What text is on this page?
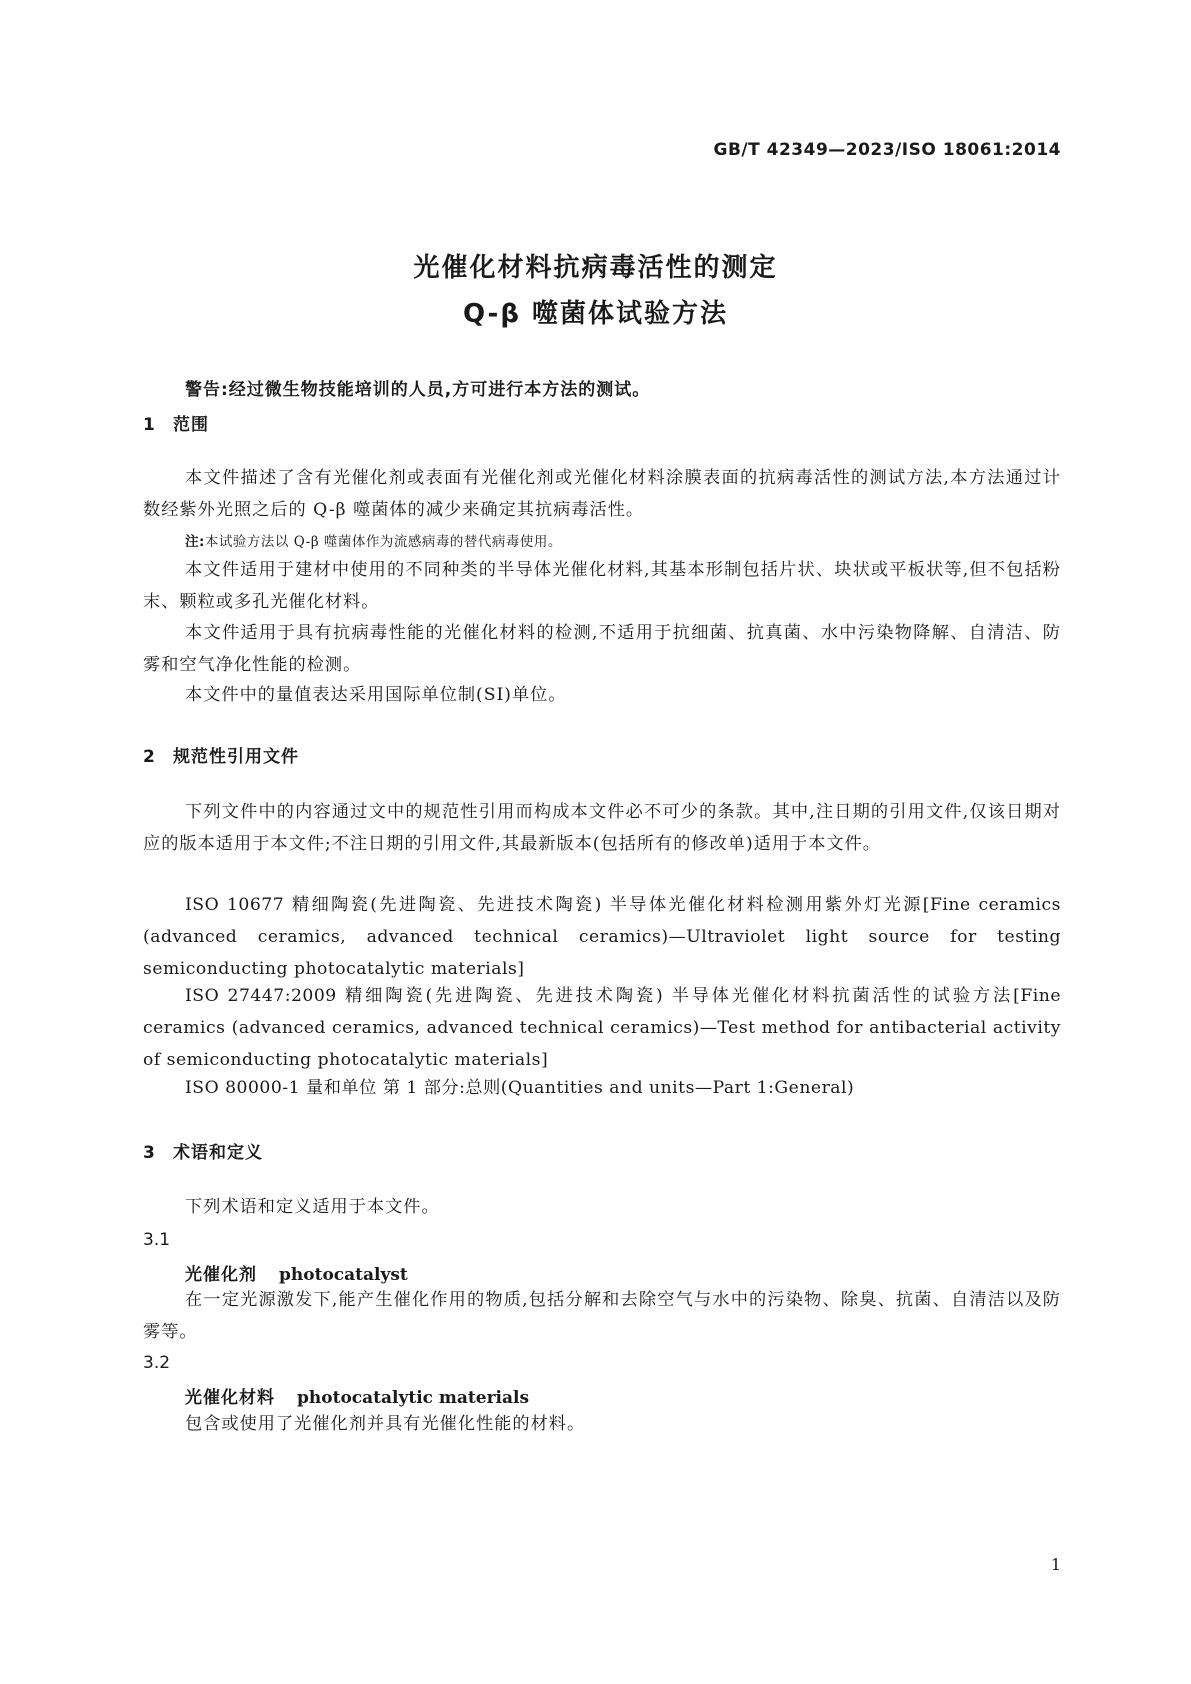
GB/T 42349—2023/ISO 18061:2014
光催化材料抗病毒活性的测定
Q-β 噬菌体试验方法
警告:经过微生物技能培训的人员,方可进行本方法的测试。
1 范围
本文件描述了含有光催化剂或表面有光催化剂或光催化材料涂膜表面的抗病毒活性的测试方法,本方法通过计数经紫外光照之后的 Q-β 噬菌体的减少来确定其抗病毒活性。
注:本试验方法以 Q-β 噬菌体作为流感病毒的替代病毒使用。
本文件适用于建材中使用的不同种类的半导体光催化材料,其基本形制包括片状、块状或平板状等,但不包括粉末、颗粒或多孔光催化材料。
本文件适用于具有抗病毒性能的光催化材料的检测,不适用于抗细菌、抗真菌、水中污染物降解、自清洁、防雾和空气净化性能的检测。
本文件中的量值表达采用国际单位制(SI)单位。
2 规范性引用文件
下列文件中的内容通过文中的规范性引用而构成本文件必不可少的条款。其中,注日期的引用文件,仅该日期对应的版本适用于本文件;不注日期的引用文件,其最新版本(包括所有的修改单)适用于本文件。
ISO 10677 精细陶瓷(先进陶瓷、先进技术陶瓷) 半导体光催化材料检测用紫外灯光源[Fine ceramics (advanced ceramics, advanced technical ceramics)—Ultraviolet light source for testing semiconducting photocatalytic materials]
ISO 27447:2009 精细陶瓷(先进陶瓷、先进技术陶瓷) 半导体光催化材料抗菌活性的试验方法[Fine ceramics (advanced ceramics, advanced technical ceramics)—Test method for antibacterial activity of semiconducting photocatalytic materials]
ISO 80000-1 量和单位 第 1 部分:总则(Quantities and units—Part 1:General)
3 术语和定义
下列术语和定义适用于本文件。
3.1
光催化剂 photocatalyst
在一定光源激发下,能产生催化作用的物质,包括分解和去除空气与水中的污染物、除臭、抗菌、自清洁以及防雾等。
3.2
光催化材料 photocatalytic materials
包含或使用了光催化剂并具有光催化性能的材料。
1
